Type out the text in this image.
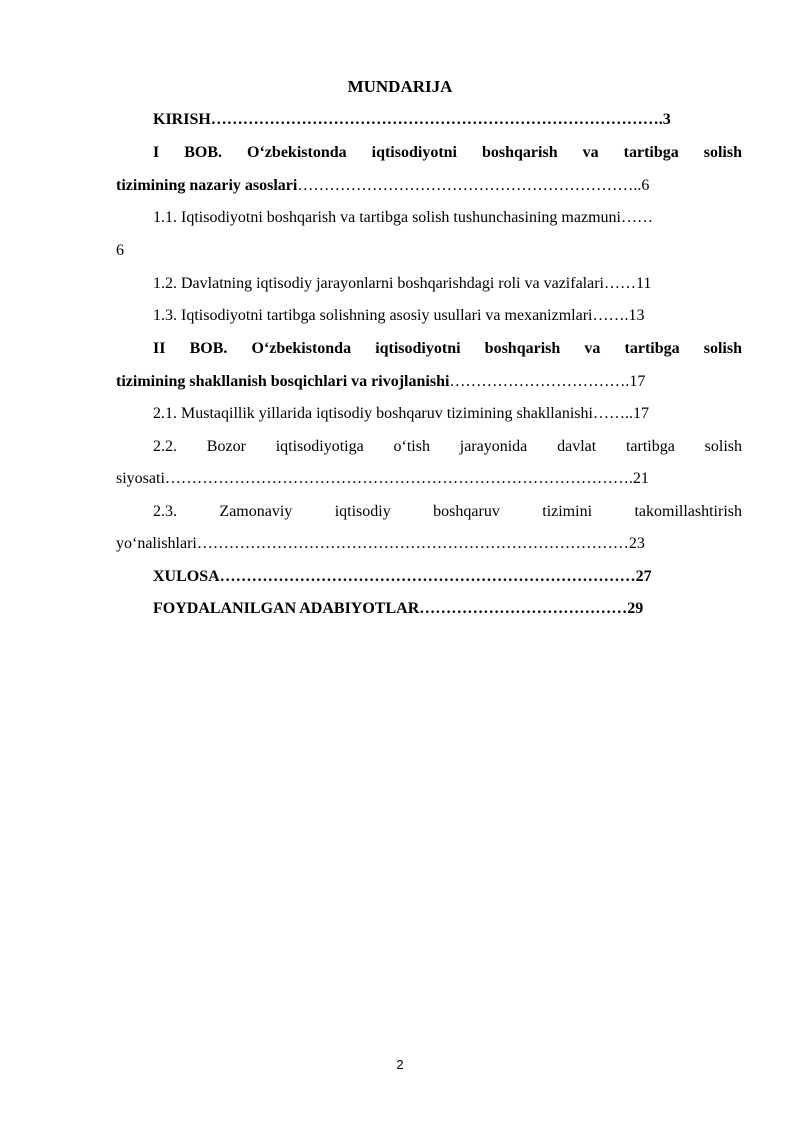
MUNDARIJA
KIRISH………………………………………………………………………….3
I BOB. O‘zbekistonda iqtisodiyotni boshqarish va tartibga solish
tizimining nazariy asoslari………………………………………………………..6
1.1. Iqtisodiyotni boshqarish va tartibga solish tushunchasining mazmuni……
6
1.2. Davlatning iqtisodiy jarayonlarni boshqarishdagi roli va vazifalari……11
1.3. Iqtisodiyotni tartibga solishning asosiy usullari va mexanizmlari…….13
II BOB. O‘zbekistonda iqtisodiyotni boshqarish va tartibga solish
tizimining shakllanish bosqichlari va rivojlanishi…………………………….17
2.1. Mustaqillik yillarida iqtisodiy boshqaruv tizimining shakllanishi……..17
2.2. Bozor iqtisodiyotiga o‘tish jarayonida davlat tartibga solish
siyosati…………………………………………………………………………….21
2.3. Zamonaviy iqtisodiy boshqaruv tizimini takomillashtirish
yo‘nalishlari………………………………………………………………………23
XULOSA……………………………………………………………………27
FOYDALANILGAN ADABIYOTLAR…………………………………29
2
